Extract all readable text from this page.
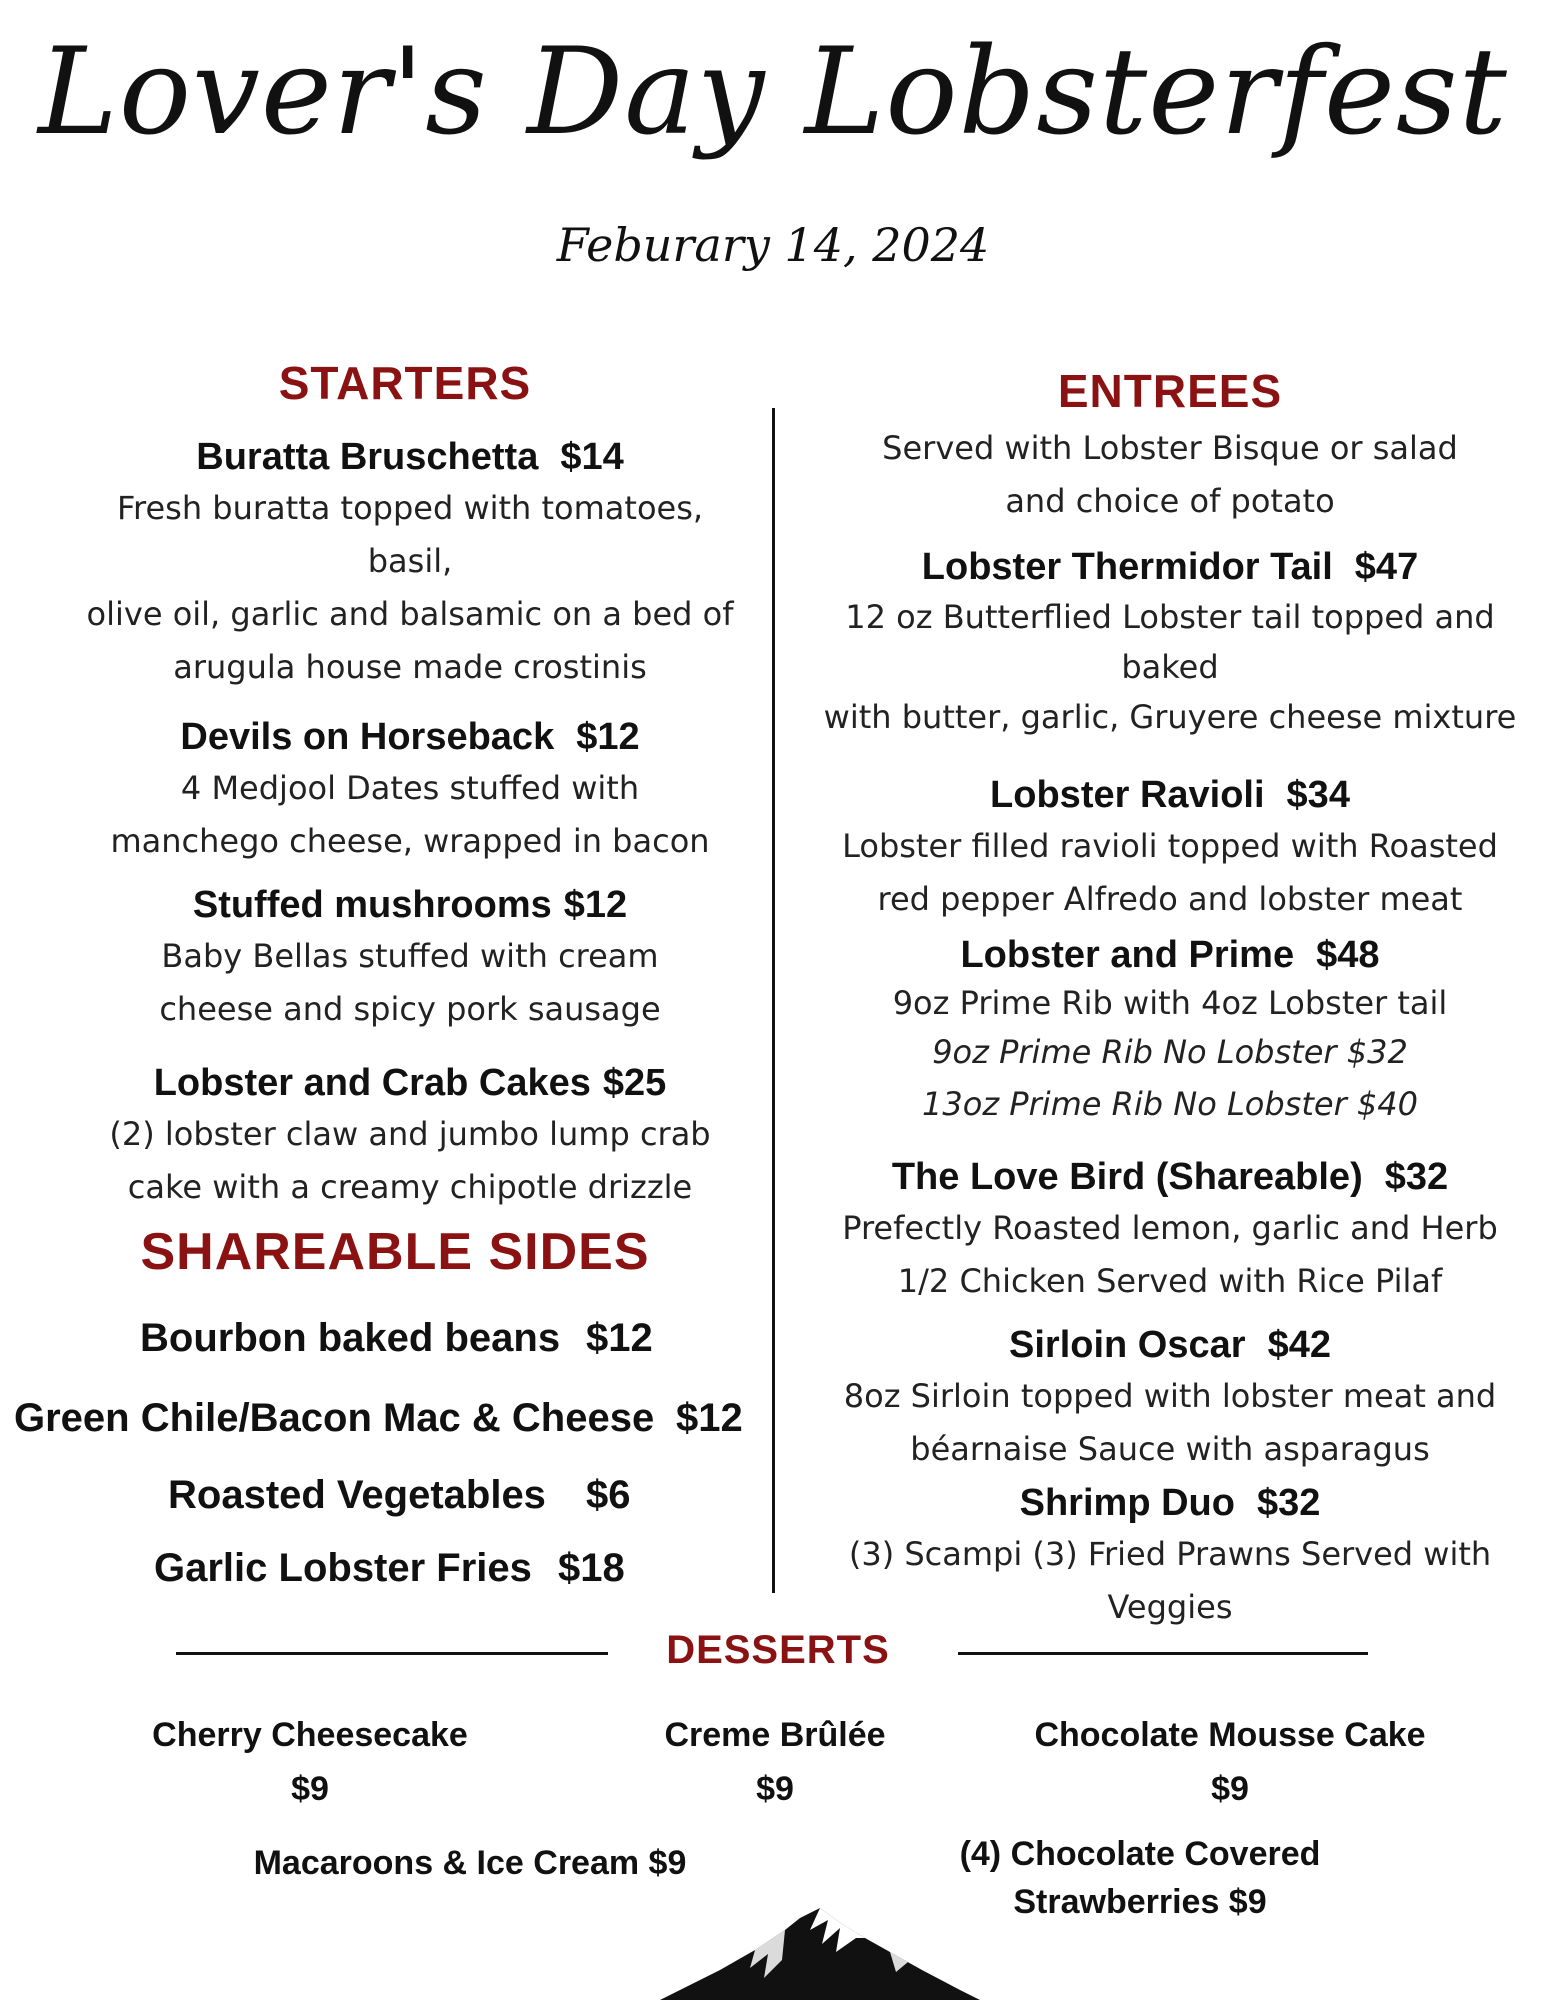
Lover's Day Lobsterfest
Feburary 14, 2024
STARTERS	ENTREES
Buratta Bruschetta $14
Fresh buratta topped with tomatoes, basil,
olive oil, garlic and balsamic on a bed of
arugula house made crostinis
Devils on Horseback $12
4 Medjool Dates stuffed with
manchego cheese, wrapped in bacon
Stuffed mushrooms $12
Baby Bellas stuffed with cream
cheese and spicy pork sausage
Lobster and Crab Cakes $25
(2) lobster claw and jumbo lump crab
cake with a creamy chipotle drizzle
SHAREABLE SIDES
Bourbon baked beans $12
Green Chile/Bacon Mac & Cheese $12
Roasted Vegetables $6
Garlic Lobster Fries $18
Served with Lobster Bisque or salad
and choice of potato
Lobster Thermidor Tail $47
12 oz Butterflied Lobster tail topped and baked
with butter, garlic, Gruyere cheese mixture
Lobster Ravioli $34
Lobster filled ravioli topped with Roasted
red pepper Alfredo and lobster meat
Lobster and Prime $48
9oz Prime Rib with 4oz Lobster tail
9oz Prime Rib No Lobster $32
13oz Prime Rib No Lobster $40
The Love Bird (Shareable) $32
Prefectly Roasted lemon, garlic and Herb
1/2 Chicken Served with Rice Pilaf
Sirloin Oscar $42
8oz Sirloin topped with lobster meat and
béarnaise Sauce with asparagus
Shrimp Duo $32
(3) Scampi (3) Fried Prawns Served with
Veggies
DESSERTS
Cherry Cheesecake
$9
Creme Brûlée
$9
Chocolate Mousse Cake
$9
Macaroons & Ice Cream $9	(4) Chocolate Covered
Strawberries $9
